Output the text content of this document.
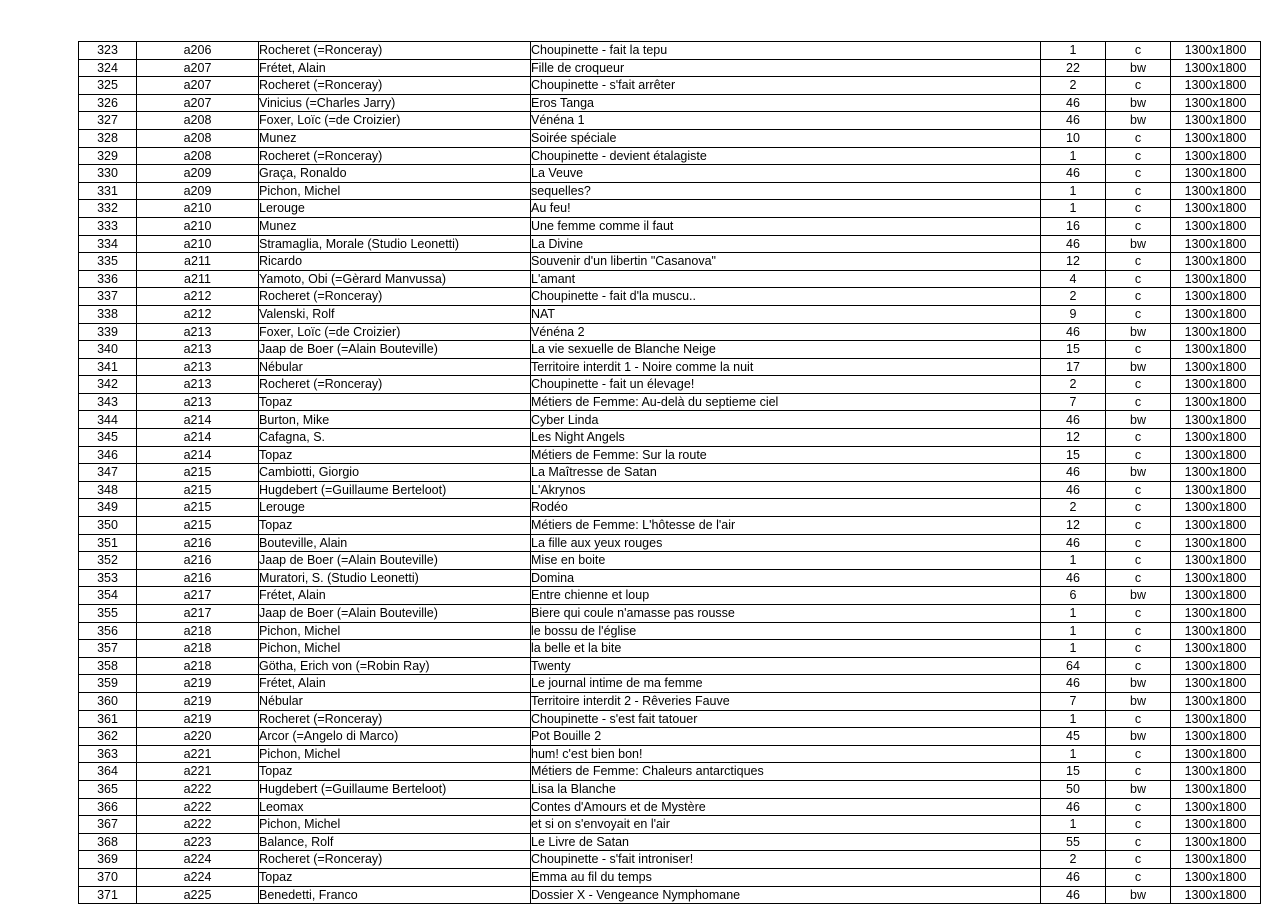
323	a206	Rocheret (=Ronceray)	Choupinette - fait la tepu	1	c	1300x1800
324	a207	Frétet, Alain	Fille de croqueur	22	bw	1300x1800
325	a207	Rocheret (=Ronceray)	Choupinette - s'fait arrêter	2	c	1300x1800
326	a207	Vinicius (=Charles Jarry)	Eros Tanga	46	bw	1300x1800
327	a208	Foxer, Loïc (=de Croizier)	Vénéna 1	46	bw	1300x1800
328	a208	Munez	Soirée spéciale	10	c	1300x1800
329	a208	Rocheret (=Ronceray)	Choupinette - devient étalagiste	1	c	1300x1800
330	a209	Graça, Ronaldo	La Veuve	46	c	1300x1800
331	a209	Pichon, Michel	sequelles?	1	c	1300x1800
332	a210	Lerouge	Au feu!	1	c	1300x1800
333	a210	Munez	Une femme comme il faut	16	c	1300x1800
334	a210	Stramaglia, Morale (Studio Leonetti)	La Divine	46	bw	1300x1800
335	a211	Ricardo	Souvenir d'un libertin "Casanova"	12	c	1300x1800
336	a211	Yamoto, Obi (=Gèrard Manvussa)	L'amant	4	c	1300x1800
337	a212	Rocheret (=Ronceray)	Choupinette - fait d'la muscu..	2	c	1300x1800
338	a212	Valenski, Rolf	NAT	9	c	1300x1800
339	a213	Foxer, Loïc (=de Croizier)	Vénéna 2	46	bw	1300x1800
340	a213	Jaap de Boer (=Alain Bouteville)	La vie sexuelle de Blanche Neige	15	c	1300x1800
341	a213	Nébular	Territoire interdit 1 - Noire comme la nuit	17	bw	1300x1800
342	a213	Rocheret (=Ronceray)	Choupinette - fait un élevage!	2	c	1300x1800
343	a213	Topaz	Métiers de Femme: Au-delà du septieme ciel	7	c	1300x1800
344	a214	Burton, Mike	Cyber Linda	46	bw	1300x1800
345	a214	Cafagna, S.	Les Night Angels	12	c	1300x1800
346	a214	Topaz	Métiers de Femme: Sur la route	15	c	1300x1800
347	a215	Cambiotti, Giorgio	La Maîtresse de Satan	46	bw	1300x1800
348	a215	Hugdebert (=Guillaume Berteloot)	L'Akrynos	46	c	1300x1800
349	a215	Lerouge	Rodéo	2	c	1300x1800
350	a215	Topaz	Métiers de Femme: L'hôtesse de l'air	12	c	1300x1800
351	a216	Bouteville, Alain	La fille aux yeux rouges	46	c	1300x1800
352	a216	Jaap de Boer (=Alain Bouteville)	Mise en boite	1	c	1300x1800
353	a216	Muratori, S. (Studio Leonetti)	Domina	46	c	1300x1800
354	a217	Frétet, Alain	Entre chienne et loup	6	bw	1300x1800
355	a217	Jaap de Boer (=Alain Bouteville)	Biere qui coule n'amasse pas rousse	1	c	1300x1800
356	a218	Pichon, Michel	le bossu de l'église	1	c	1300x1800
357	a218	Pichon, Michel	la belle et la bite	1	c	1300x1800
358	a218	Götha, Erich von (=Robin Ray)	Twenty	64	c	1300x1800
359	a219	Frétet, Alain	Le journal intime de ma femme	46	bw	1300x1800
360	a219	Nébular	Territoire interdit 2 - Rêveries Fauve	7	bw	1300x1800
361	a219	Rocheret (=Ronceray)	Choupinette - s'est fait tatouer	1	c	1300x1800
362	a220	Arcor (=Angelo di Marco)	Pot Bouille 2	45	bw	1300x1800
363	a221	Pichon, Michel	hum! c'est bien bon!	1	c	1300x1800
364	a221	Topaz	Métiers de Femme: Chaleurs antarctiques	15	c	1300x1800
365	a222	Hugdebert (=Guillaume Berteloot)	Lisa la Blanche	50	bw	1300x1800
366	a222	Leomax	Contes d'Amours et de Mystère	46	c	1300x1800
367	a222	Pichon, Michel	et si on s'envoyait en l'air	1	c	1300x1800
368	a223	Balance, Rolf	Le Livre de Satan	55	c	1300x1800
369	a224	Rocheret (=Ronceray)	Choupinette - s'fait introniser!	2	c	1300x1800
370	a224	Topaz	Emma au fil du temps	46	c	1300x1800
371	a225	Benedetti, Franco	Dossier X - Vengeance Nymphomane	46	bw	1300x1800
